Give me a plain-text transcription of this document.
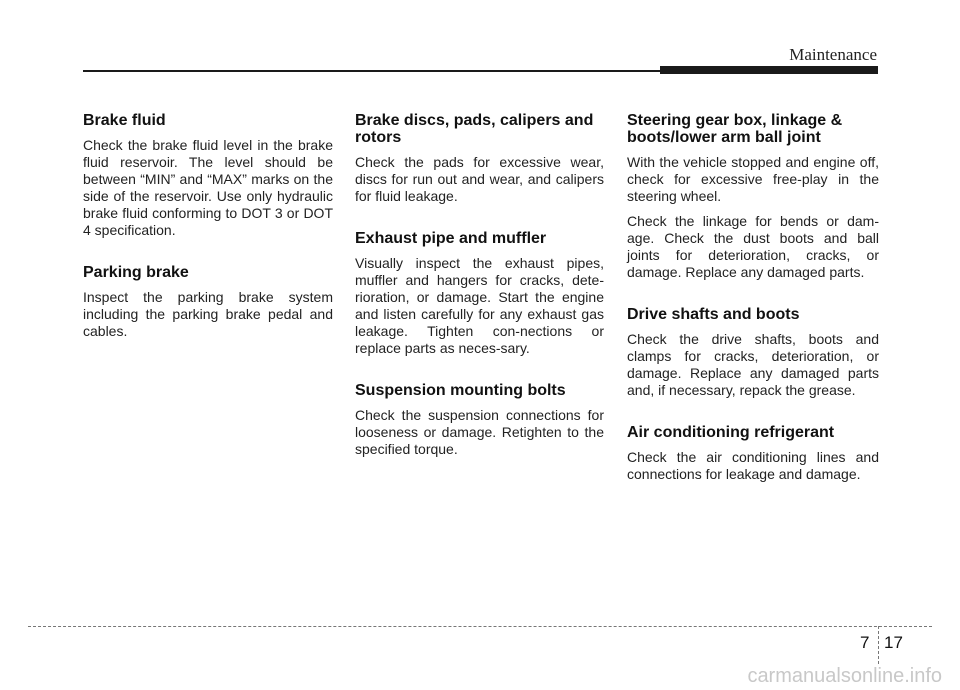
Maintenance
Brake fluid

Check the brake fluid level in the brake fluid reservoir. The level should be between “MIN” and “MAX” marks on the side of the reservoir. Use only hydraulic brake fluid conforming to DOT 3 or DOT 4 specification.

Parking brake

Inspect the parking brake system including the parking brake pedal and cables.

Brake discs, pads, calipers and rotors

Check the pads for excessive wear, discs for run out and wear, and calipers for fluid leakage.

Exhaust pipe and muffler

Visually inspect the exhaust pipes, muffler and hangers for cracks, dete-rioration, or damage. Start the engine and listen carefully for any exhaust gas leakage. Tighten con-nections or replace parts as neces-sary.

Suspension mounting bolts

Check the suspension connections for looseness or damage. Retighten to the specified torque.

Steering gear box, linkage & boots/lower arm ball joint

With the vehicle stopped and engine off, check for excessive free-play in the steering wheel.

Check the linkage for bends or dam-age. Check the dust boots and ball joints for deterioration, cracks, or damage. Replace any damaged parts.

Drive shafts and boots

Check the drive shafts, boots and clamps for cracks, deterioration, or damage. Replace any damaged parts and, if necessary, repack the grease.

Air conditioning refrigerant

Check the air conditioning lines and connections for leakage and damage.

7 17
carmanualsonline.info
